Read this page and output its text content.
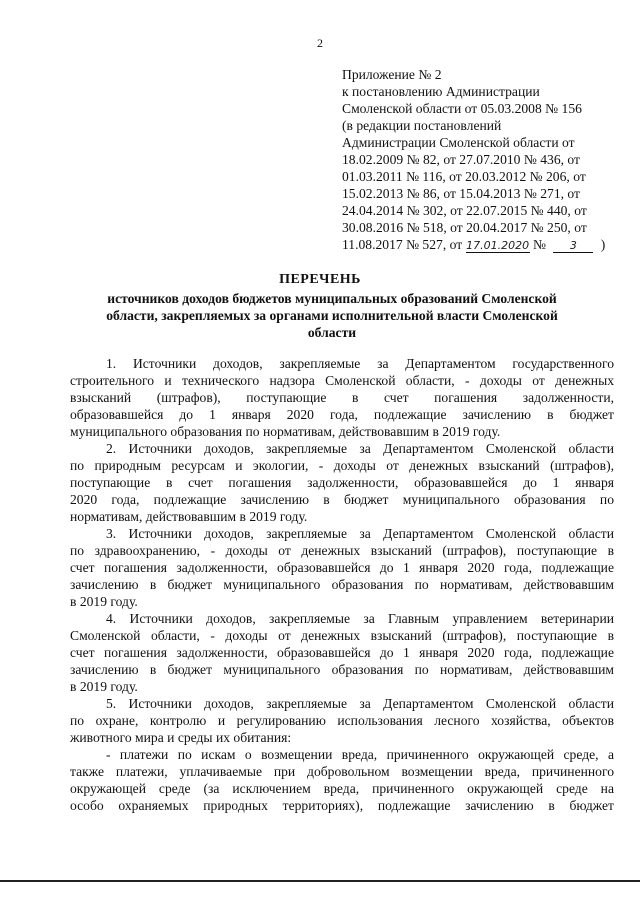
2
Приложение № 2
к постановлению Администрации
Смоленской области от 05.03.2008 № 156
(в редакции постановлений
Администрации Смоленской области от
18.02.2009 № 82, от 27.07.2010 № 436, от
01.03.2011 № 116, от 20.03.2012 № 206, от
15.02.2013 № 86, от 15.04.2013 № 271, от
24.04.2014 № 302, от 22.07.2015 № 440, от
30.08.2016 № 518, от 20.04.2017 № 250, от
11.08.2017 № 527, от 17.01.2020 № 3 )
ПЕРЕЧЕНЬ
источников доходов бюджетов муниципальных образований Смоленской
области, закрепляемых за органами исполнительной власти Смоленской
области
1. Источники доходов, закрепляемые за Департаментом государственного
строительного и технического надзора Смоленской области, - доходы от денежных
взысканий (штрафов), поступающие в счет погашения задолженности,
образовавшейся до 1 января 2020 года, подлежащие зачислению в бюджет
муниципального образования по нормативам, действовавшим в 2019 году.
2. Источники доходов, закрепляемые за Департаментом Смоленской области
по природным ресурсам и экологии, - доходы от денежных взысканий (штрафов),
поступающие в счет погашения задолженности, образовавшейся до 1 января
2020 года, подлежащие зачислению в бюджет муниципального образования по
нормативам, действовавшим в 2019 году.
3. Источники доходов, закрепляемые за Департаментом Смоленской области
по здравоохранению, - доходы от денежных взысканий (штрафов), поступающие в
счет погашения задолженности, образовавшейся до 1 января 2020 года, подлежащие
зачислению в бюджет муниципального образования по нормативам, действовавшим
в 2019 году.
4. Источники доходов, закрепляемые за Главным управлением ветеринарии
Смоленской области, - доходы от денежных взысканий (штрафов), поступающие в
счет погашения задолженности, образовавшейся до 1 января 2020 года, подлежащие
зачислению в бюджет муниципального образования по нормативам, действовавшим
в 2019 году.
5. Источники доходов, закрепляемые за Департаментом Смоленской области
по охране, контролю и регулированию использования лесного хозяйства, объектов
животного мира и среды их обитания:
- платежи по искам о возмещении вреда, причиненного окружающей среде, а
также платежи, уплачиваемые при добровольном возмещении вреда, причиненного
окружающей среде (за исключением вреда, причиненного окружающей среде на
особо охраняемых природных территориях), подлежащие зачислению в бюджет
